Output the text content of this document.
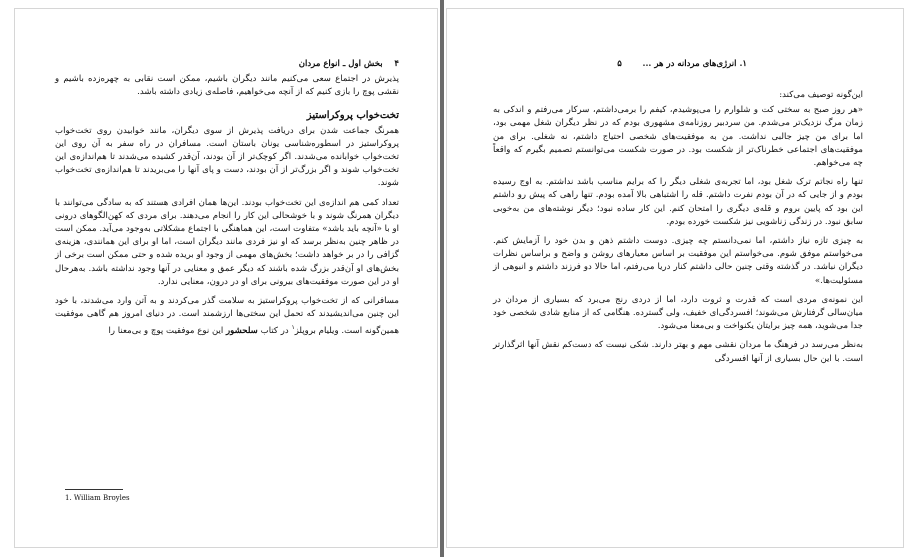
۴    بخش اول ـ انواع مردان

پذیرش در اجتماع سعی می‌کنیم مانند دیگران باشیم، ممکن است نقابی به چهره‌زده باشیم و نقشی پوچ را بازی کنیم که از آنچه می‌خواهیم، فاصله‌ی زیادی داشته باشد.

تخت‌خواب پروکراستیز

همرنگ جماعت شدن برای دریافت پذیرش از سوی دیگران، مانند خوابیدن روی تخت‌خواب پروکراستیز در اسطوره‌شناسی یونان باستان است. مسافران در راه سفر به آن روی این تخت‌خواب خوابانده می‌شدند. اگر کوچک‌تر از آن بودند، آن‌قدر کشیده می‌شدند تا هم‌اندازه‌ی این تخت‌خواب شوند و اگر بزرگ‌تر از آن بودند، دست و پای آنها را می‌بریدند تا هم‌اندازه‌ی تخت‌خواب شوند.

تعداد کمی هم اندازه‌ی این تخت‌خواب بودند. این‌ها همان افرادی هستند که به سادگی می‌توانند با دیگران همرنگ شوند و با خوشحالی این کار را انجام می‌دهند. برای مردی که کهن‌الگوهای درونی او با «آنچه باید باشد» متفاوت است، این هماهنگی با اجتماع مشکلاتی به‌وجود می‌آید. ممکن است در ظاهر چنین به‌نظر برسد که او نیز فردی مانند دیگران است، اما او برای این همانندی، هزینه‌ی گزافی را در بر خواهد داشت؛ بخش‌های مهمی از وجود او بریده شده و حتی ممکن است برخی از بخش‌های او آن‌قدر بزرگ شده باشند که دیگر عمق و معنایی در آنها وجود نداشته باشد. به‌هرحال او در این صورت موفقیت‌های بیرونی برای او در درون، معنایی ندارد.

مسافرانی که از تخت‌خواب پروکراستیز به سلامت گذر می‌کردند و به آتن وارد می‌شدند، با خود این چنین می‌اندیشیدند که تحمل این سختی‌ها ارزشمند است. در دنیای امروز هم گاهی موفقیت همین‌گونه است. ویلیام بروپلز$^۱$ در کتاب سلحشور این نوع موفقیت پوچ و بی‌معنا را

1. William Broyles
۱. انرژی‌های مردانه در هر ...       ۵

این‌گونه توصیف می‌کند:

«هر روز صبح به سختی کت و شلوارم را می‌پوشیدم، کیفم را برمی‌داشتم، سرکار می‌رفتم و اندکی به زمان مرگ نزدیک‌تر می‌شدم. من سردبیر روزنامه‌ی مشهوری بودم که در نظر دیگران شغل مهمی بود، اما برای من چیز جالبی نداشت. من به موفقیت‌های شخصی احتیاج داشتم، نه شغلی. برای من موفقیت‌های اجتماعی خطرناک‌تر از شکست بود. در صورت شکست می‌توانستم تصمیم بگیرم که واقعاً چه می‌خواهم.

تنها راه نجاتم ترک شغل بود، اما تجربه‌ی شغلی دیگر را که برایم مناسب باشد نداشتم. به اوج رسیده بودم و از جایی که در آن بودم نفرت داشتم. قله را اشتباهی بالا آمده بودم. تنها راهی که پیش رو داشتم این بود که پایین بروم و قله‌ی دیگری را امتحان کنم. این کار ساده نبود؛ دیگر نوشته‌های من به‌خوبی سابق نبود. در زندگی زناشویی نیز شکست خورده بودم.

به چیزی تازه نیاز داشتم، اما نمی‌دانستم چه چیزی. دوست داشتم ذهن و بدن خود را آزمایش کنم. می‌خواستم موفق شوم. می‌خواستم این موفقیت بر اساس معیارهای روشن و واضح و براساس نظرات دیگران نباشد. در گذشته وقتی چنین حالی داشتم کنار دریا می‌رفتم، اما حالا دو فرزند داشتم و انبوهی از مسئولیت‌ها.»

این نمونه‌ی مردی است که قدرت و ثروت دارد، اما از دردی رنج می‌برد که بسیاری از مردان در میان‌سالی گرفتارش می‌شوند؛ افسردگی‌ای خفیف، ولی گسترده. هنگامی که از منابع شادی شخصی خود جدا می‌شوید، همه چیز برایتان یکنواخت و بی‌معنا می‌شود.

به‌نظر می‌رسد در فرهنگ ما مردان نقشی مهم و بهتر دارند. شکی نیست که دست‌کم نقش آنها اثرگذارتر است. با این حال بسیاری از آنها افسردگی
